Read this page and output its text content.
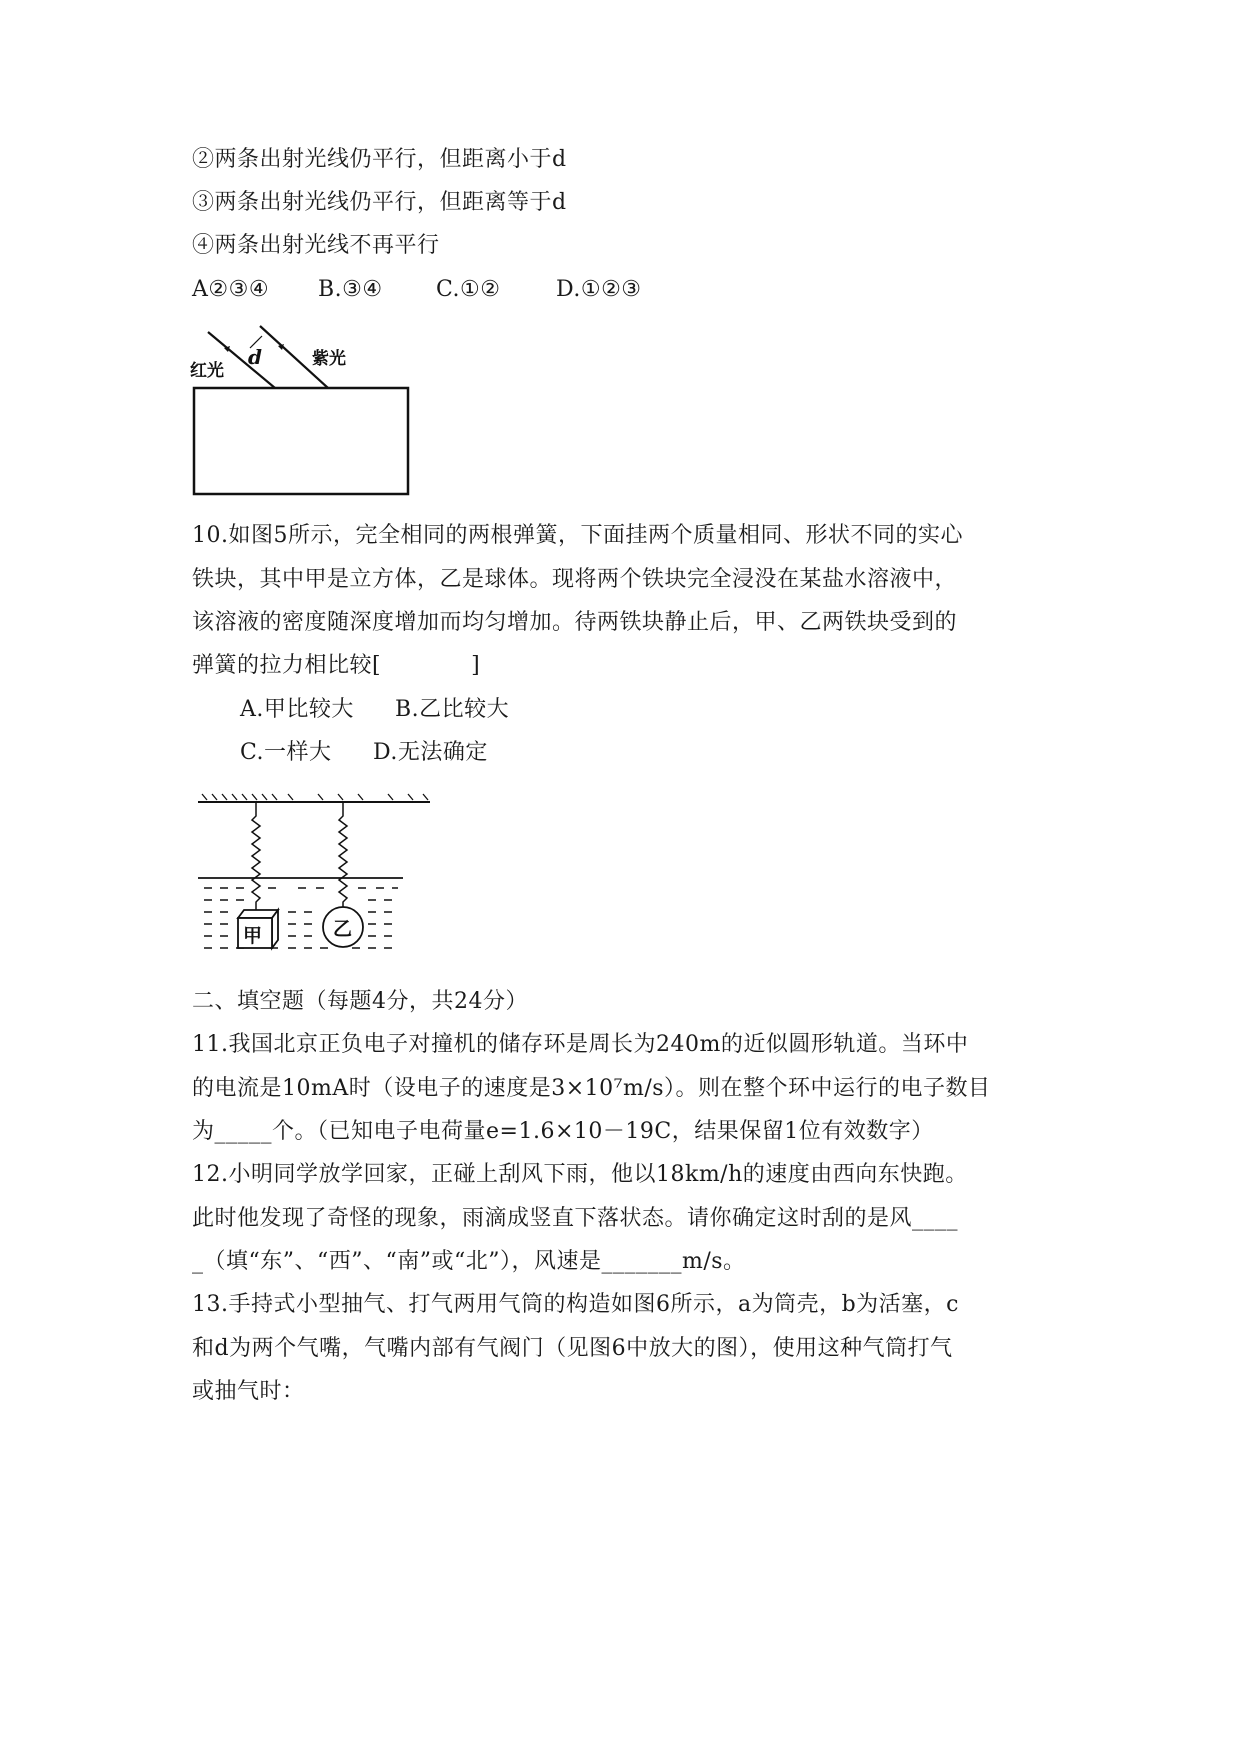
②两条出射光线仍平行，但距离小于d
③两条出射光线仍平行，但距离等于d
④两条出射光线不再平行
A②③④ B.③④ C.①②	D.①②③
d
红光
紫光
10.如图5所示，完全相同的两根弹簧，下面挂两个质量相同、形状不同的实心
铁块，其中甲是立方体，乙是球体。现将两个铁块完全浸没在某盐水溶液中，
该溶液的密度随深度增加而均匀增加。待两铁块静止后，甲、乙两铁块受到的
弹簧的拉力相比较[　　　　]
A.甲比较大 B.乙比较大
C.一样大 D.无法确定
甲	乙
二、填空题（每题4分，共24分）
11.我国北京正负电子对撞机的储存环是周长为240m的近似圆形轨道。当环中
的电流是10mA时（设电子的速度是3×10⁷m/s）。则在整个环中运行的电子数目
为_____个。（已知电子电荷量e=1.6×10－19C，结果保留1位有效数字）
12.小明同学放学回家，正碰上刮风下雨，他以18km/h的速度由西向东快跑。
此时他发现了奇怪的现象，雨滴成竖直下落状态。请你确定这时刮的是风____
_（填“东”、“西”、“南”或“北”），风速是_______m/s。
13.手持式小型抽气、打气两用气筒的构造如图6所示，a为筒壳，b为活塞，c
和d为两个气嘴，气嘴内部有气阀门（见图6中放大的图），使用这种气筒打气
或抽气时：
